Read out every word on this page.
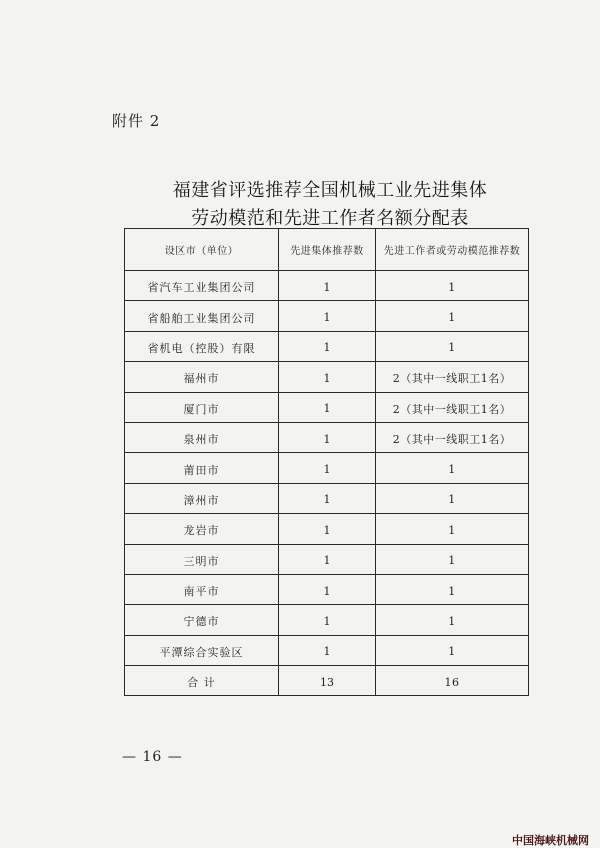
附件 2
福建省评选推荐全国机械工业先进集体
劳动模范和先进工作者名额分配表
设区市（单位）	先进集体推荐数	先进工作者或劳动模范推荐数
省汽车工业集团公司	1	1
省船舶工业集团公司	1	1
省机电（控股）有限	1	1
福州市	1	2（其中一线职工1名）
厦门市	1	2（其中一线职工1名）
泉州市	1	2（其中一线职工1名）
莆田市	1	1
漳州市	1	1
龙岩市	1	1
三明市	1	1
南平市	1	1
宁德市	1	1
平潭综合实验区	1	1
合 计	13	16
— 16 —
中国海峡机械网
